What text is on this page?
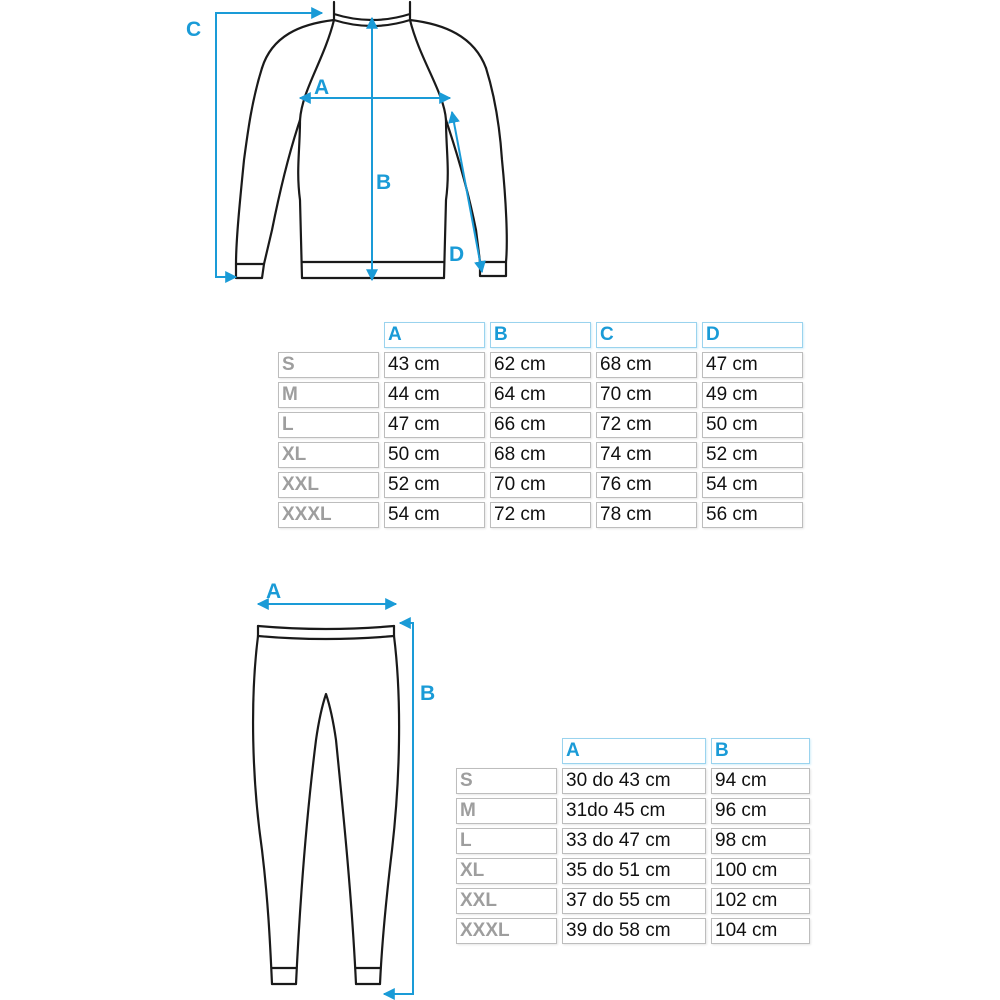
A
B
C
D
A
B
	A	B	C	D
S	43 cm	62 cm	68 cm	47 cm
M	44 cm	64 cm	70 cm	49 cm
L	47 cm	66 cm	72 cm	50 cm
XL	50 cm	68 cm	74 cm	52 cm
XXL	52 cm	70 cm	76 cm	54 cm
XXXL	54 cm	72 cm	78 cm	56 cm
	A	B
S	30 do 43 cm	94 cm
M	31do 45 cm	96 cm
L	33 do 47 cm	98 cm
XL	35 do 51 cm	100 cm
XXL	37 do 55 cm	102 cm
XXXL	39 do 58 cm	104 cm
